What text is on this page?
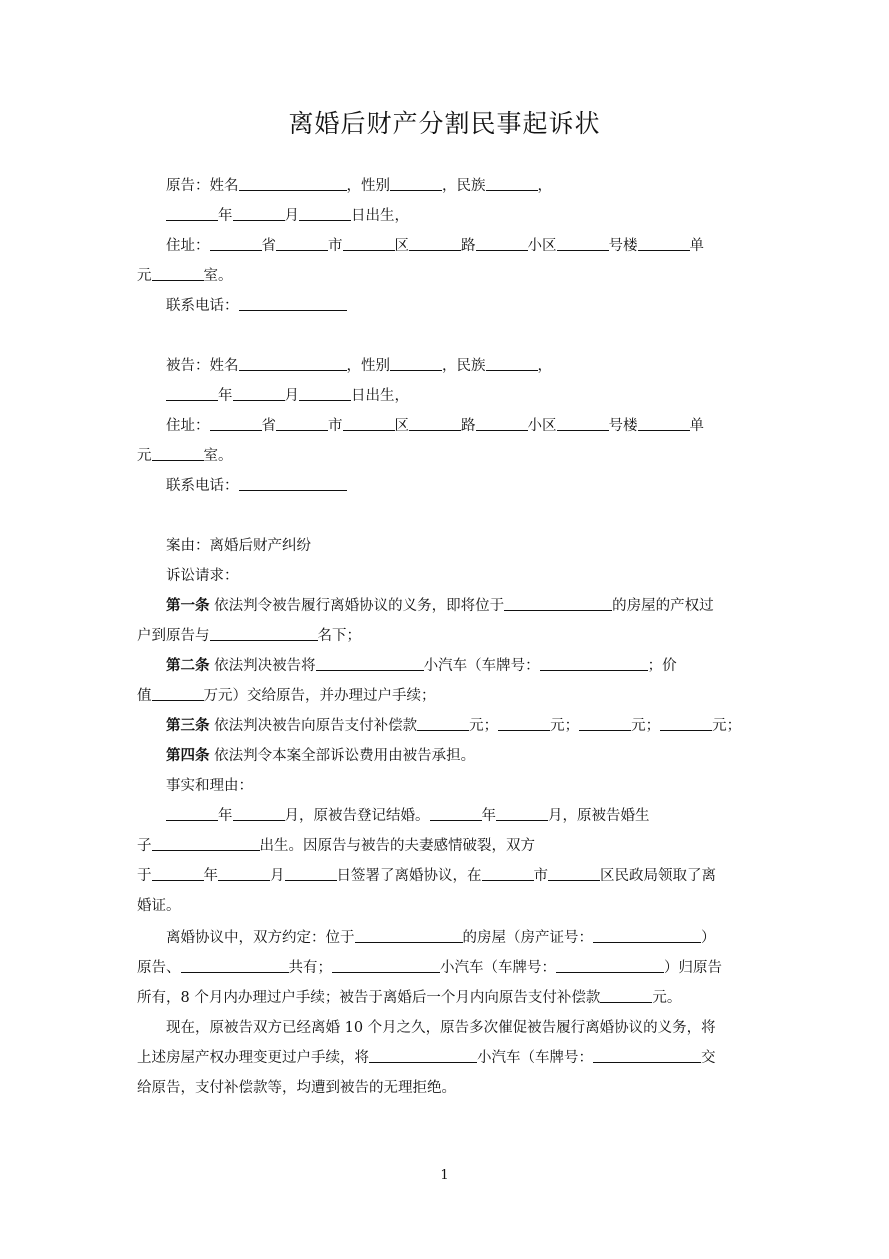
离婚后财产分割民事起诉状
原告：姓名	，性别	，民族	，
年	月	日出生，
住址：	省	市	区	路	小区	号楼	单
元	室。
联系电话：
被告：姓名	，性别	，民族	，
年	月	日出生，
住址：	省	市	区	路	小区	号楼	单
元	室。
联系电话：
案由：离婚后财产纠纷
诉讼请求：
第一条 依法判令被告履行离婚协议的义务，即将位于	的房屋的产权过
户到原告与	名下；
第二条 依法判决被告将	小汽车（车牌号：	；价
值	万元）交给原告，并办理过户手续；
第三条 依法判决被告向原告支付补偿款	元；	元；	元；	元；
第四条 依法判令本案全部诉讼费用由被告承担。
事实和理由：
年	月，原被告登记结婚。	年	月，原被告婚生
子	出生。因原告与被告的夫妻感情破裂，双方
于	年	月	日签署了离婚协议，在	市	区民政局领取了离
婚证。
离婚协议中，双方约定：位于	的房屋（房产证号：	）
原告、	共有；	小汽车（车牌号：	）归原告
所有，8 个月内办理过户手续；被告于离婚后一个月内向原告支付补偿款	元。
现在，原被告双方已经离婚 10 个月之久，原告多次催促被告履行离婚协议的义务，将
上述房屋产权办理变更过户手续，将	小汽车（车牌号：	交
给原告，支付补偿款等，均遭到被告的无理拒绝。
1
